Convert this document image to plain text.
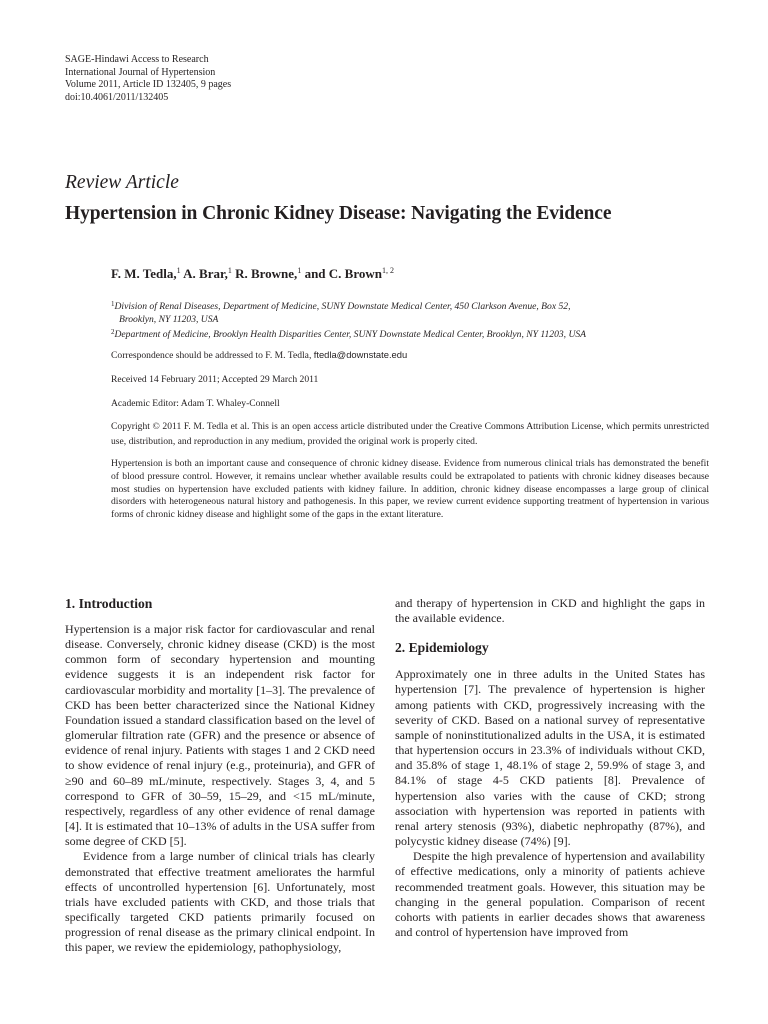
SAGE-Hindawi Access to Research
International Journal of Hypertension
Volume 2011, Article ID 132405, 9 pages
doi:10.4061/2011/132405
Review Article
Hypertension in Chronic Kidney Disease: Navigating the Evidence
F. M. Tedla,$^1$ A. Brar,$^1$ R. Browne,$^1$ and C. Brown$^{1, 2}$
$^1$Division of Renal Diseases, Department of Medicine, SUNY Downstate Medical Center, 450 Clarkson Avenue, Box 52,
Brooklyn, NY 11203, USA
$^2$Department of Medicine, Brooklyn Health Disparities Center, SUNY Downstate Medical Center, Brooklyn, NY 11203, USA
Correspondence should be addressed to F. M. Tedla, ftedla@downstate.edu
Received 14 February 2011; Accepted 29 March 2011
Academic Editor: Adam T. Whaley-Connell
Copyright © 2011 F. M. Tedla et al. This is an open access article distributed under the Creative Commons Attribution License, which permits unrestricted use, distribution, and reproduction in any medium, provided the original work is properly cited.
Hypertension is both an important cause and consequence of chronic kidney disease. Evidence from numerous clinical trials has demonstrated the benefit of blood pressure control. However, it remains unclear whether available results could be extrapolated to patients with chronic kidney diseases because most studies on hypertension have excluded patients with kidney failure. In addition, chronic kidney disease encompasses a large group of clinical disorders with heterogeneous natural history and pathogenesis. In this paper, we review current evidence supporting treatment of hypertension in various forms of chronic kidney disease and highlight some of the gaps in the extant literature.
1. Introduction

Hypertension is a major risk factor for cardiovascular and renal disease. Conversely, chronic kidney disease (CKD) is the most common form of secondary hypertension and mounting evidence suggests it is an independent risk factor for cardiovascular morbidity and mortality [1–3]. The prevalence of CKD has been better characterized since the National Kidney Foundation issued a standard classification based on the level of glomerular filtration rate (GFR) and the presence or absence of evidence of renal injury. Patients with stages 1 and 2 CKD need to show evidence of renal injury (e.g., proteinuria), and GFR of ≥90 and 60–89 mL/minute, respectively. Stages 3, 4, and 5 correspond to GFR of 30–59, 15–29, and <15 mL/minute, respectively, regardless of any other evidence of renal damage [4]. It is estimated that 10–13% of adults in the USA suffer from some degree of CKD [5].

Evidence from a large number of clinical trials has clearly demonstrated that effective treatment ameliorates the harmful effects of uncontrolled hypertension [6]. Unfortunately, most trials have excluded patients with CKD, and those trials that specifically targeted CKD patients primarily focused on progression of renal disease as the primary clinical endpoint. In this paper, we review the epidemiology, pathophysiology,

and therapy of hypertension in CKD and highlight the gaps in the available evidence.

2. Epidemiology

Approximately one in three adults in the United States has hypertension [7]. The prevalence of hypertension is higher among patients with CKD, progressively increasing with the severity of CKD. Based on a national survey of representative sample of noninstitutionalized adults in the USA, it is estimated that hypertension occurs in 23.3% of individuals without CKD, and 35.8% of stage 1, 48.1% of stage 2, 59.9% of stage 3, and 84.1% of stage 4-5 CKD patients [8]. Prevalence of hypertension also varies with the cause of CKD; strong association with hypertension was reported in patients with renal artery stenosis (93%), diabetic nephropathy (87%), and polycystic kidney disease (74%) [9].

Despite the high prevalence of hypertension and availability of effective medications, only a minority of patients achieve recommended treatment goals. However, this situation may be changing in the general population. Comparison of recent cohorts with patients in earlier decades shows that awareness and control of hypertension have improved from
